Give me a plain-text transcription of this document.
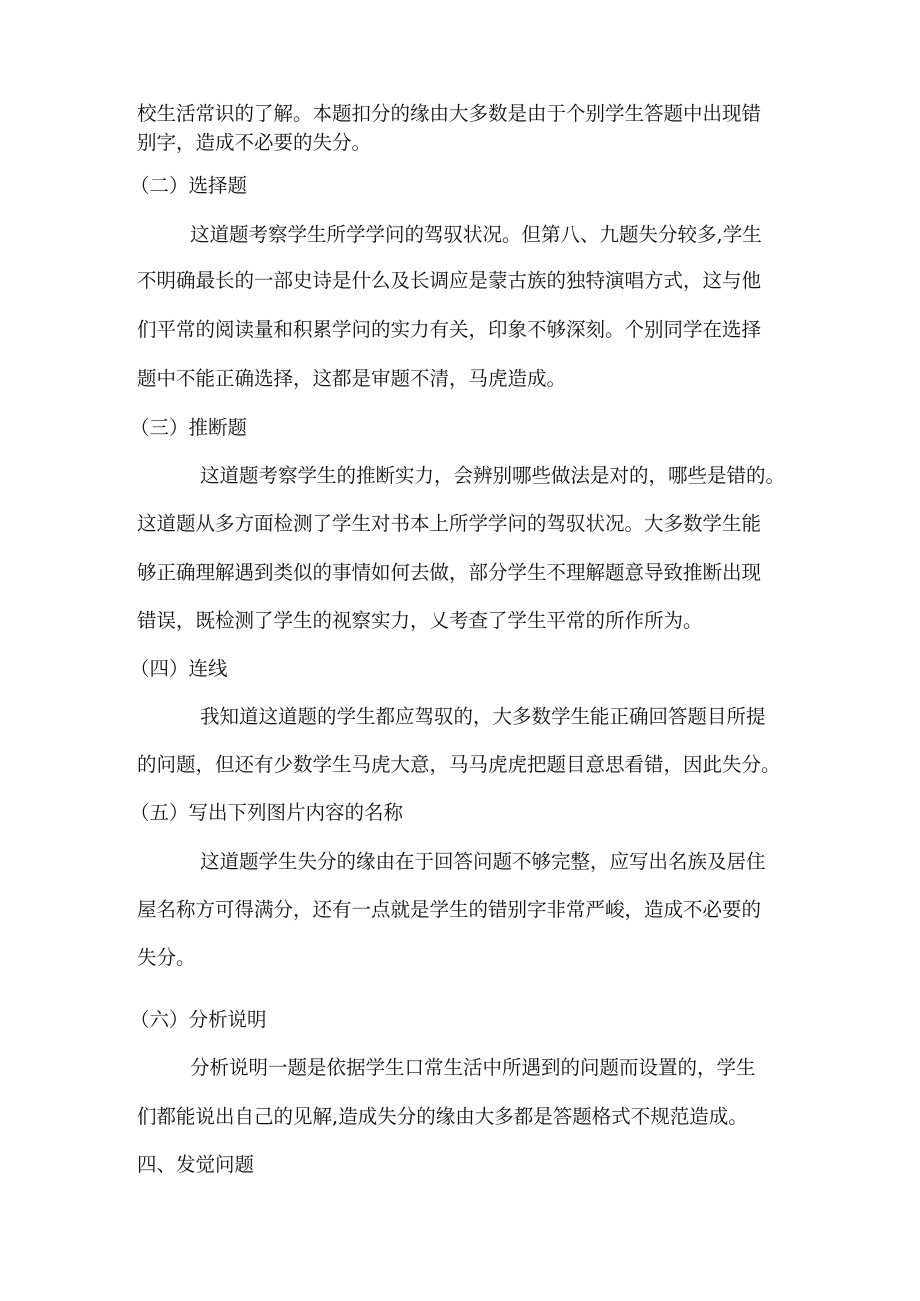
校生活常识的了解。本题扣分的缘由大多数是由于个别学生答题中出现错
别字，造成不必要的失分。
（二）选择题
这道题考察学生所学学问的驾驭状况。但第八、九题失分较多,学生
不明确最长的一部史诗是什么及长调应是蒙古族的独特演唱方式，这与他
们平常的阅读量和积累学问的实力有关，印象不够深刻。个别同学在选择
题中不能正确选择，这都是审题不清，马虎造成。
（三）推断题
这道题考察学生的推断实力，会辨别哪些做法是对的，哪些是错的。
这道题从多方面检测了学生对书本上所学学问的驾驭状况。大多数学生能
够正确理解遇到类似的事情如何去做，部分学生不理解题意导致推断出现
错误，既检测了学生的视察实力，乂考查了学生平常的所作所为。
（四）连线
我知道这道题的学生都应驾驭的，大多数学生能正确回答题目所提
的问题，但还有少数学生马虎大意，马马虎虎把题目意思看错，因此失分。
（五）写出下列图片内容的名称
这道题学生失分的缘由在于回答问题不够完整，应写出名族及居住
屋名称方可得满分，还有一点就是学生的错别字非常严峻，造成不必要的
失分。
（六）分析说明
分析说明一题是依据学生口常生活中所遇到的问题而设置的，学生
们都能说出自己的见解,造成失分的缘由大多都是答题格式不规范造成。
四、发觉问题
